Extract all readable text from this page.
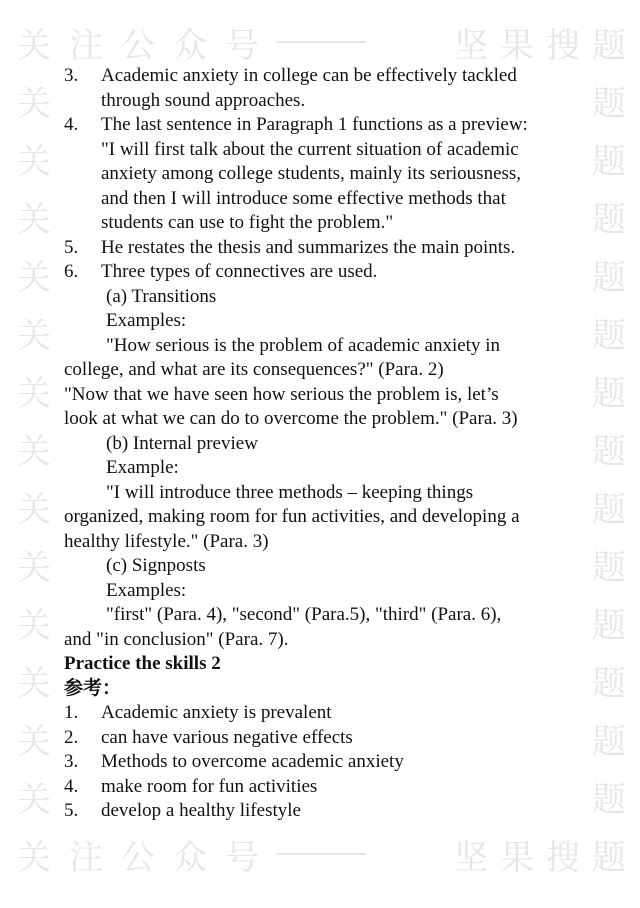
关 注 公 众 号	坚 果 搜 题
关	题
关	题
关	题
关	题
关	题
关	题
关	题
关	题
关	题
关	题
关	题
关	题
关	题
关 注 公 众 号	坚 果 搜 题
3. Academic anxiety in college can be effectively tackled
through sound approaches.
4. The last sentence in Paragraph 1 functions as a preview:
"I will first talk about the current situation of academic
anxiety among college students, mainly its seriousness,
and then I will introduce some effective methods that
students can use to fight the problem."
5. He restates the thesis and summarizes the main points.
6. Three types of connectives are used.
(a) Transitions
Examples:
"How serious is the problem of academic anxiety in
college, and what are its consequences?" (Para. 2)
"Now that we have seen how serious the problem is, let’s
look at what we can do to overcome the problem." (Para. 3)
(b) Internal preview
Example:
"I will introduce three methods – keeping things
organized, making room for fun activities, and developing a
healthy lifestyle." (Para. 3)
(c) Signposts
Examples:
"first" (Para. 4), "second" (Para.5), "third" (Para. 6),
and "in conclusion" (Para. 7).
Practice the skills 2
参考：
1. Academic anxiety is prevalent
2. can have various negative effects
3. Methods to overcome academic anxiety
4. make room for fun activities
5. develop a healthy lifestyle
